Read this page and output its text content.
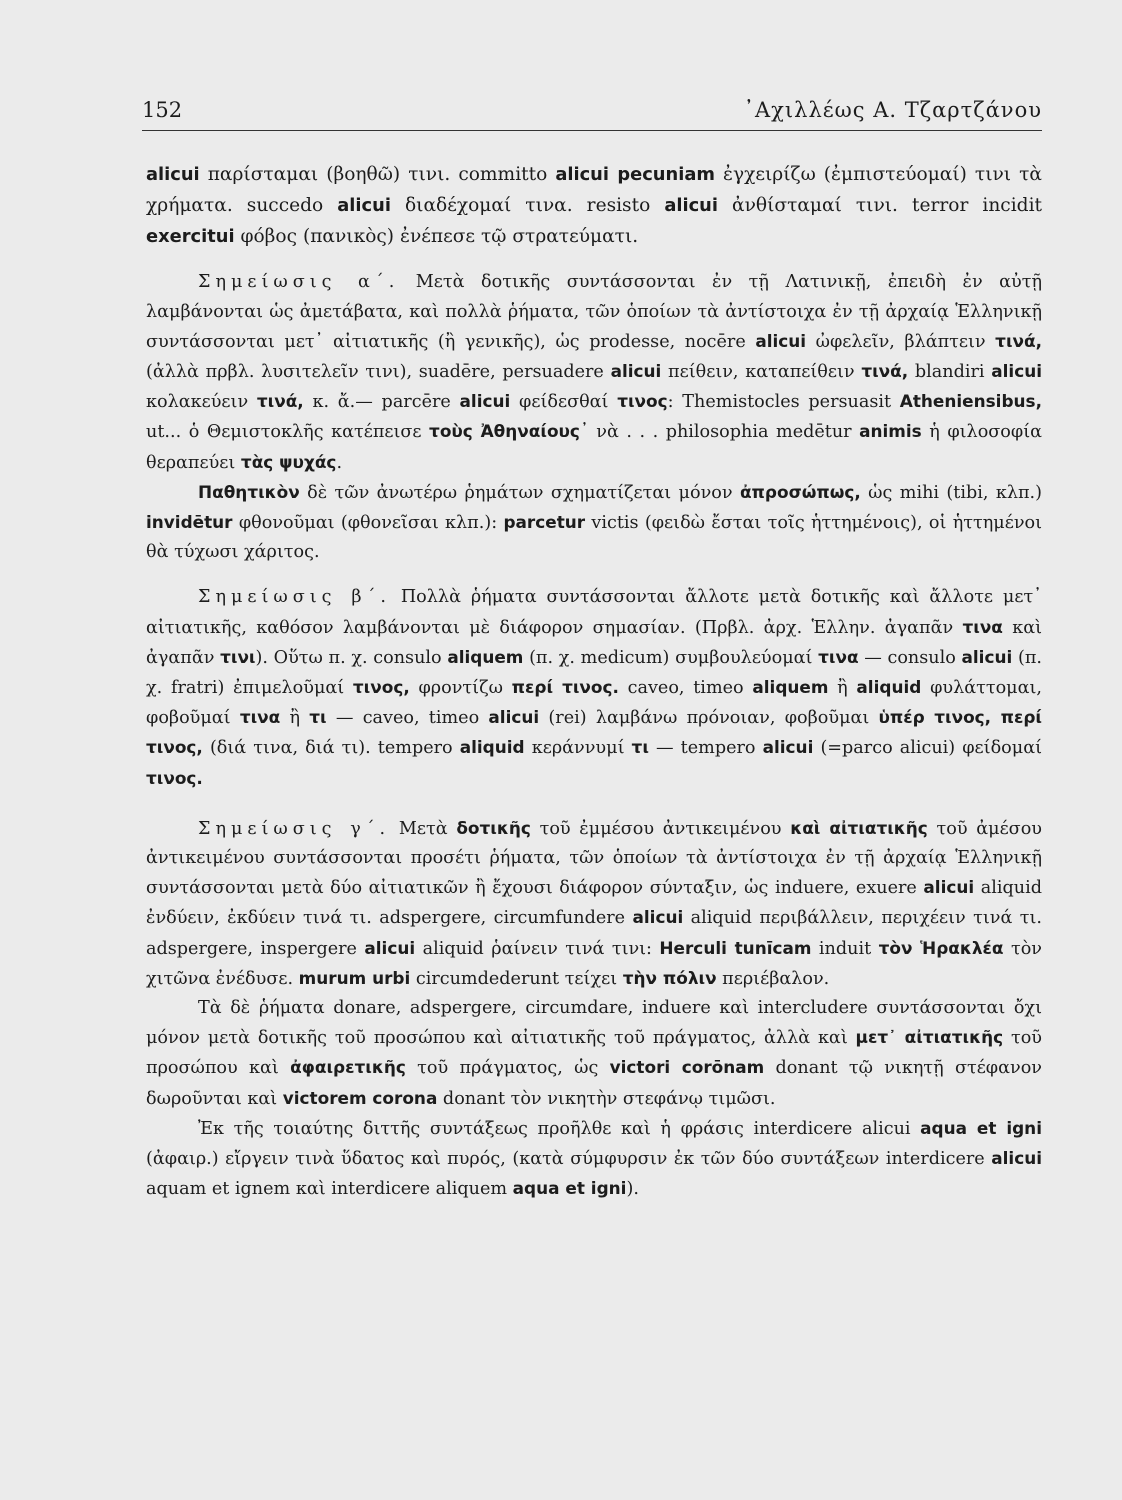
152	᾿Αχιλλέως Α. Τζαρτζάνου

alicui παρίσταμαι (βοηθῶ) τινι. committo alicui pecuniam ἐγχειρίζω (ἐμπιστεύομαί) τινι τὰ χρήματα. succedo alicui διαδέχομαί τινα. resisto alicui ἀνθίσταμαί τινι. terror incidit exercitui φόβος (πανικὸς) ἐνέπεσε τῷ στρατεύματι.

Σημείωσις α΄. Μετὰ δοτικῆς συντάσσονται ἐν τῇ Λατινικῇ, ἐπειδὴ ἐν αὐτῇ λαμβάνονται ὡς ἀμετάβατα, καὶ πολλὰ ῥήματα, τῶν ὁποίων τὰ ἀντίστοιχα ἐν τῇ ἀρχαίᾳ Ἑλληνικῇ συντάσσονται μετ᾽ αἰτιατικῆς (ἢ γενικῆς), ὡς prodesse, nocēre alicui ὠφελεῖν, βλάπτειν τινά, (ἀλλὰ πρβλ. λυσιτελεῖν τινι), suadēre, persuadere alicui πείθειν, καταπείθειν τινά, blandiri alicui κολακεύειν τινά, κ. ἄ.— parcēre alicui φείδεσθαί τινος: Themistocles persuasit Atheniensibus, ut... ὁ Θεμιστοκλῆς κατέπεισε τοὺς Ἀθηναίους᾽ νὰ . . . philosophia medētur animis ἡ φιλοσοφία θεραπεύει τὰς ψυχάς.

Παθητικὸν δὲ τῶν ἀνωτέρω ῥημάτων σχηματίζεται μόνον ἀπροσώπως, ὡς mihi (tibi, κλπ.) invidētur φθονοῦμαι (φθονεῖσαι κλπ.): parcetur victis (φειδὼ ἔσται τοῖς ἡττημένοις), οἱ ἡττημένοι θὰ τύχωσι χάριτος.

Σημείωσις β΄. Πολλὰ ῥήματα συντάσσονται ἄλλοτε μετὰ δοτικῆς καὶ ἄλλοτε μετ᾽ αἰτιατικῆς, καθόσον λαμβάνονται μὲ διάφορον σημασίαν. (Πρβλ. ἀρχ. Ἑλλην. ἀγαπᾶν τινα καὶ ἀγαπᾶν τινι). Οὕτω π. χ. consulo aliquem (π. χ. medicum) συμβουλεύομαί τινα — consulo alicui (π. χ. fratri) ἐπιμελοῦμαί τινος, φροντίζω περί τινος. caveo, timeo aliquem ἢ aliquid φυλάττομαι, φοβοῦμαί τινα ἢ τι — caveo, timeo alicui (rei) λαμβάνω πρόνοιαν, φοβοῦμαι ὑπέρ τινος, περί τινος, (διά τινα, διά τι). tempero aliquid κεράννυμί τι — tempero alicui (=parco alicui) φείδομαί τινος.

Σημείωσις γ΄. Μετὰ δοτικῆς τοῦ ἐμμέσου ἀντικειμένου καὶ αἰτιατικῆς τοῦ ἀμέσου ἀντικειμένου συντάσσονται προσέτι ῥήματα, τῶν ὁποίων τὰ ἀντίστοιχα ἐν τῇ ἀρχαίᾳ Ἑλληνικῇ συντάσσονται μετὰ δύο αἰτιατικῶν ἢ ἔχουσι διάφορον σύνταξιν, ὡς induere, exuere alicui aliquid ἐνδύειν, ἐκδύειν τινά τι. adspergere, circumfundere alicui aliquid περιβάλλειν, περιχέειν τινά τι. adspergere, inspergere alicui aliquid ῥαίνειν τινά τινι: Herculi tunīcam induit τὸν Ἡρακλέα τὸν χιτῶνα ἐνέδυσε. murum urbi circumdederunt τείχει τὴν πόλιν περιέβαλον.

Τὰ δὲ ῥήματα donare, adspergere, circumdare, induere καὶ intercludere συντάσσονται ὄχι μόνον μετὰ δοτικῆς τοῦ προσώπου καὶ αἰτιατικῆς τοῦ πράγματος, ἀλλὰ καὶ μετ᾽ αἰτιατικῆς τοῦ προσώπου καὶ ἀφαιρετικῆς τοῦ πράγματος, ὡς victori corōnam donant τῷ νικητῇ στέφανον δωροῦνται καὶ victorem corona donant τὸν νικητὴν στεφάνῳ τιμῶσι.

Ἐκ τῆς τοιαύτης διττῆς συντάξεως προῆλθε καὶ ἡ φράσις interdicere alicui aqua et igni (ἀφαιρ.) εἴργειν τινὰ ὕδατος καὶ πυρός, (κατὰ σύμφυρσιν ἐκ τῶν δύο συντάξεων interdicere alicui aquam et ignem καὶ interdicere aliquem aqua et igni).
